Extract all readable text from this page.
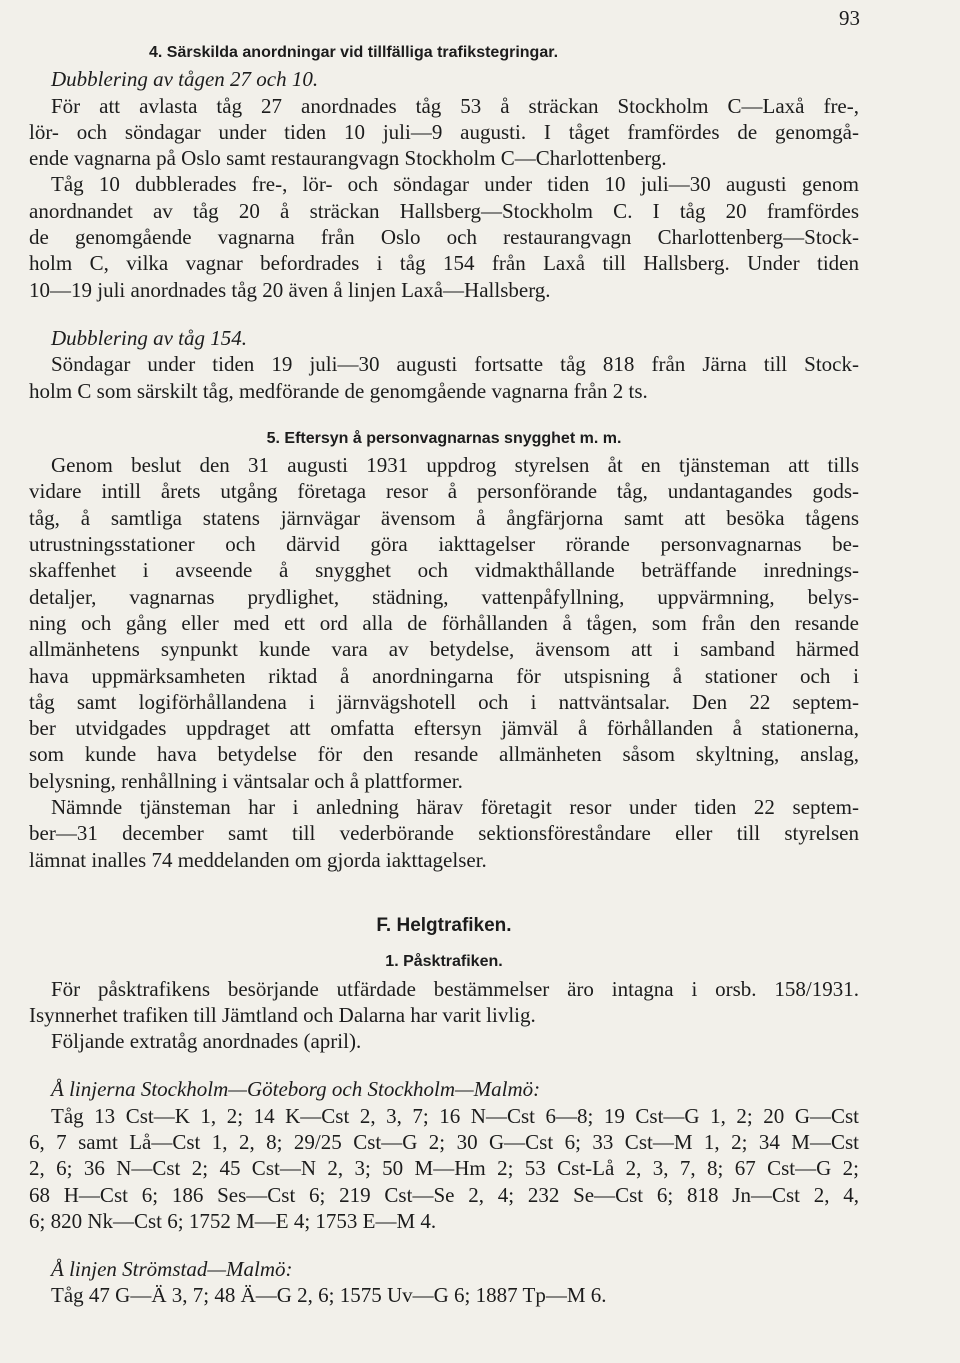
93
4. Särskilda anordningar vid tillfälliga trafikstegringar.
Dubblering av tågen 27 och 10.
För att avlasta tåg 27 anordnades tåg 53 å sträckan Stockholm C—Laxå fre-,
lör- och söndagar under tiden 10 juli—9 augusti. I tåget framfördes de genomgå-
ende vagnarna på Oslo samt restaurangvagn Stockholm C—Charlottenberg.
Tåg 10 dubblerades fre-, lör- och söndagar under tiden 10 juli—30 augusti genom
anordnandet av tåg 20 å sträckan Hallsberg—Stockholm C. I tåg 20 framfördes
de genomgående vagnarna från Oslo och restaurangvagn Charlottenberg—Stock-
holm C, vilka vagnar befordrades i tåg 154 från Laxå till Hallsberg. Under tiden
10—19 juli anordnades tåg 20 även å linjen Laxå—Hallsberg.
Dubblering av tåg 154.
Söndagar under tiden 19 juli—30 augusti fortsatte tåg 818 från Järna till Stock-
holm C som särskilt tåg, medförande de genomgående vagnarna från 2 ts.
5. Eftersyn å personvagnarnas snygghet m. m.
Genom beslut den 31 augusti 1931 uppdrog styrelsen åt en tjänsteman att tills
vidare intill årets utgång företaga resor å personförande tåg, undantagandes gods-
tåg, å samtliga statens järnvägar ävensom å ångfärjorna samt att besöka tågens
utrustningsstationer och därvid göra iakttagelser rörande personvagnarnas be-
skaffenhet i avseende å snygghet och vidmakthållande beträffande inrednings-
detaljer, vagnarnas prydlighet, städning, vattenpåfyllning, uppvärmning, belys-
ning och gång eller med ett ord alla de förhållanden å tågen, som från den resande
allmänhetens synpunkt kunde vara av betydelse, ävensom att i samband härmed
hava uppmärksamheten riktad å anordningarna för utspisning å stationer och i
tåg samt logiförhållandena i järnvägshotell och i nattväntsalar. Den 22 septem-
ber utvidgades uppdraget att omfatta eftersyn jämväl å förhållanden å stationerna,
som kunde hava betydelse för den resande allmänheten såsom skyltning, anslag,
belysning, renhållning i väntsalar och å plattformer.
Nämnde tjänsteman har i anledning härav företagit resor under tiden 22 septem-
ber—31 december samt till vederbörande sektionsföreståndare eller till styrelsen
lämnat inalles 74 meddelanden om gjorda iakttagelser.
F. Helgtrafiken.
1. Påsktrafiken.
För påsktrafikens besörjande utfärdade bestämmelser äro intagna i orsb. 158/1931.
Isynnerhet trafiken till Jämtland och Dalarna har varit livlig.
Följande extratåg anordnades (april).
Å linjerna Stockholm—Göteborg och Stockholm—Malmö:
Tåg 13 Cst—K 1, 2; 14 K—Cst 2, 3, 7; 16 N—Cst 6—8; 19 Cst—G 1, 2; 20 G—Cst
6, 7 samt Lå—Cst 1, 2, 8; 29/25 Cst—G 2; 30 G—Cst 6; 33 Cst—M 1, 2; 34 M—Cst
2, 6; 36 N—Cst 2; 45 Cst—N 2, 3; 50 M—Hm 2; 53 Cst-Lå 2, 3, 7, 8; 67 Cst—G 2;
68 H—Cst 6; 186 Ses—Cst 6; 219 Cst—Se 2, 4; 232 Se—Cst 6; 818 Jn—Cst 2, 4,
6; 820 Nk—Cst 6; 1752 M—E 4; 1753 E—M 4.
Å linjen Strömstad—Malmö:
Tåg 47 G—Ä 3, 7; 48 Ä—G 2, 6; 1575 Uv—G 6; 1887 Tp—M 6.
